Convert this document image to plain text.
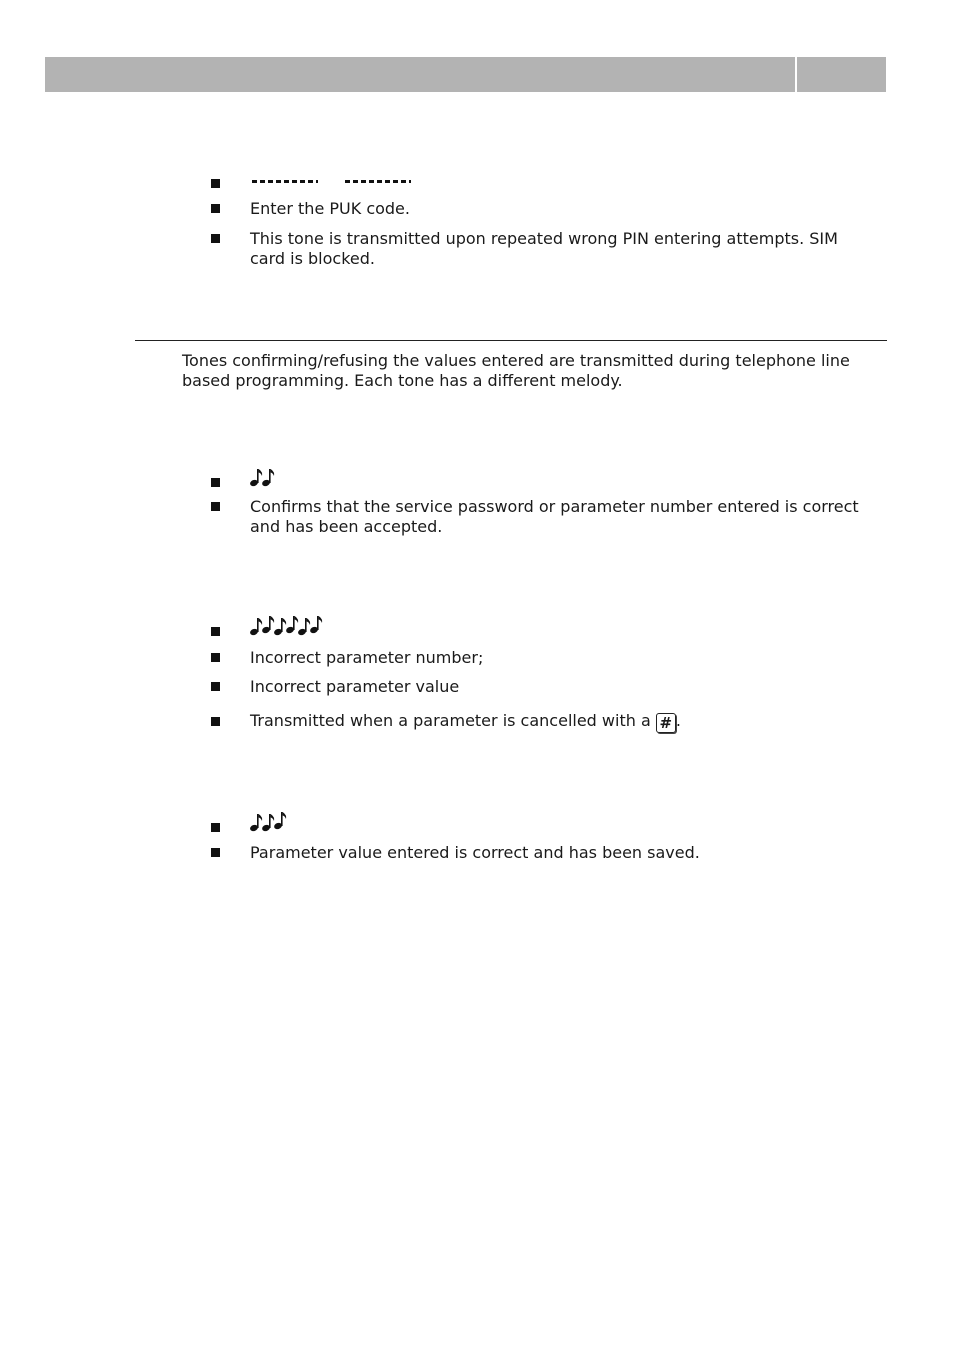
Enter the PUK code.
This tone is transmitted upon repeated wrong PIN entering attempts. SIM card is blocked.
Tones confirming/refusing the values entered are transmitted during telephone line based programming. Each tone has a different melody.
Confirms that the service password or parameter number entered is correct and has been accepted.
Incorrect parameter number;
Incorrect parameter value
Transmitted when a parameter is cancelled with a # .
Parameter value entered is correct and has been saved.
